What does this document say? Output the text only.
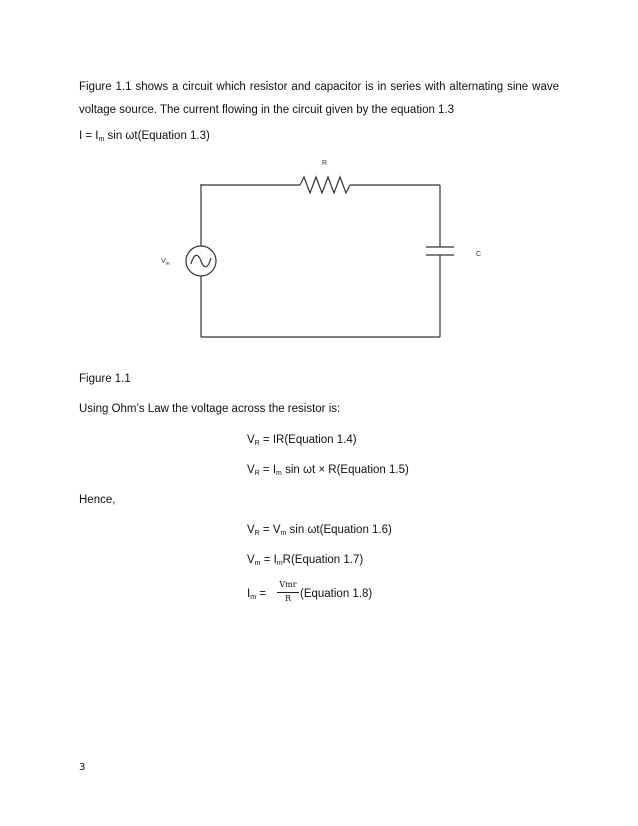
Figure 1.1 shows a circuit which resistor and capacitor is in series with alternating sine wave
voltage source. The current flowing in the circuit given by the equation 1.3
$I = I_m$ sin ωt(Equation 1.3)
R
C
$V_{ac}$
Figure 1.1
Using Ohm’s Law the voltage across the resistor is:
$V_R$ = IR(Equation 1.4)
$V_R = I_m$ sin ωt × R(Equation 1.5)
Hence,
$V_R = V_m$ sin ωt(Equation 1.6)
$V_m$ = $I_mR(Equation$ 1.7)
$I_m$ =
Vmr
R (Equation 1.8)
3
